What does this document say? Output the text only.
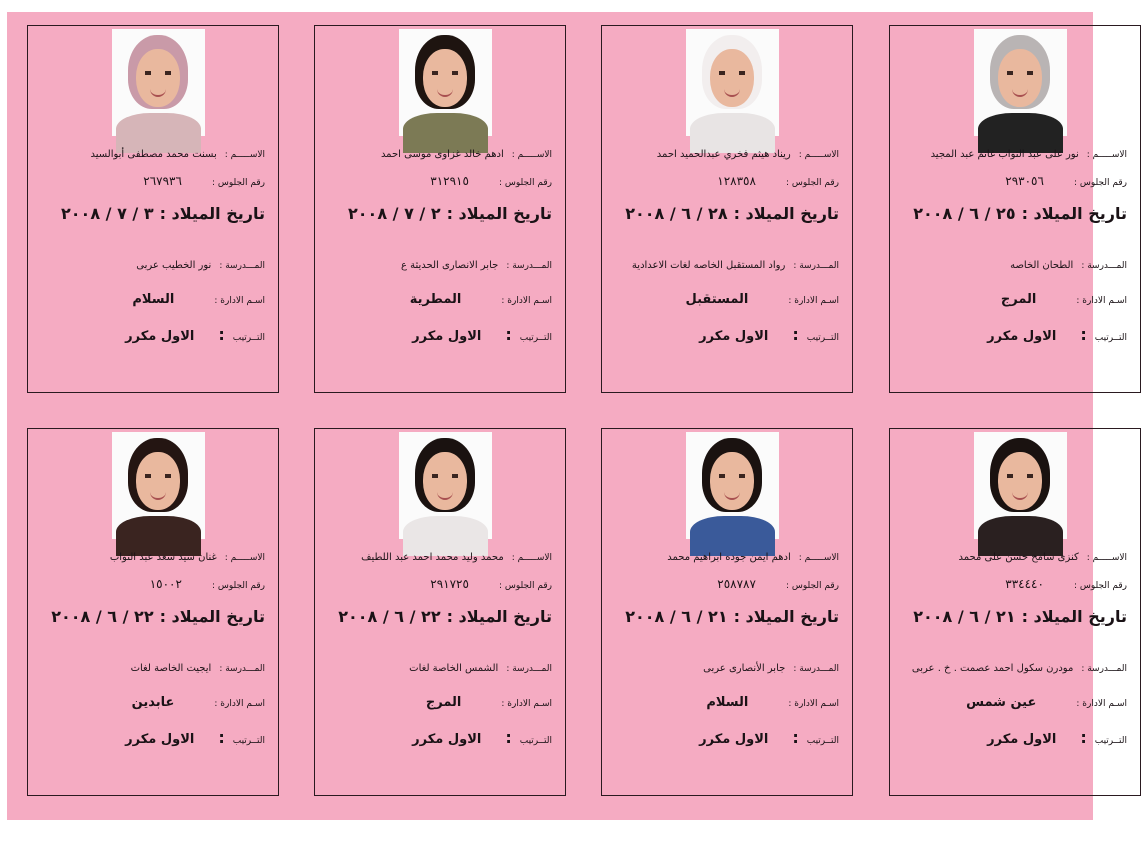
الاســـــم :بسنت محمد مصطفى أبوالسيد
رقم الجلوس :٢٦٧٩٣٦
تاريخ الميلاد :٣ / ٧ / ٢٠٠٨
المـــدرسة :نور الخطيب عربى
اسـم الادارة :السلام
التــرتيب:الاول مكرر
الاســـــم :ادهم خالد غزاوى موسى احمد
رقم الجلوس :٣١٢٩١٥
تاريخ الميلاد :٢ / ٧ / ٢٠٠٨
المـــدرسة :جابر الانصارى الحديثة ع
اسـم الادارة :المطرية
التــرتيب:الاول مكرر
الاســـــم :ريناد هيثم فخري عبدالحميد احمد
رقم الجلوس :١٢٨٣٥٨
تاريخ الميلاد :٢٨ / ٦ / ٢٠٠٨
المـــدرسة :رواد المستقبل الخاصه لغات الاعدادية
اسـم الادارة :المستقبل
التــرتيب:الاول مكرر
الاســـــم :نور على عبد التواب غانم عبد المجيد
رقم الجلوس :٢٩٣٠٥٦
تاريخ الميلاد :٢٥ / ٦ / ٢٠٠٨
المـــدرسة :الطحان الخاصه
اسـم الادارة :المرج
التــرتيب:الاول مكرر
الاســـــم :غنان سيد سعد عبد التواب
رقم الجلوس :١٥٠٠٢
تاريخ الميلاد :٢٢ / ٦ / ٢٠٠٨
المـــدرسة :ايجيت الخاصة لغات
اسـم الادارة :عابدين
التــرتيب:الاول مكرر
الاســـــم :محمد وليد محمد احمد عبد اللطيف
رقم الجلوس :٢٩١٧٢٥
تاريخ الميلاد :٢٢ / ٦ / ٢٠٠٨
المـــدرسة :الشمس الخاصة لغات
اسـم الادارة :المرج
التــرتيب:الاول مكرر
الاســـــم :ادهم ايمن جوده ابراهيم محمد
رقم الجلوس :٢٥٨٧٨٧
تاريخ الميلاد :٢١ / ٦ / ٢٠٠٨
المـــدرسة :جابر الأنصارى عربى
اسـم الادارة :السلام
التــرتيب:الاول مكرر
الاســـــم :كنزى سامح حسن على محمد
رقم الجلوس :٣٣٤٤٤٠
تاريخ الميلاد :٢١ / ٦ / ٢٠٠٨
المـــدرسة :مودرن سكول احمد عصمت . خ . عربى
اسـم الادارة :عين شمس
التــرتيب:الاول مكرر
